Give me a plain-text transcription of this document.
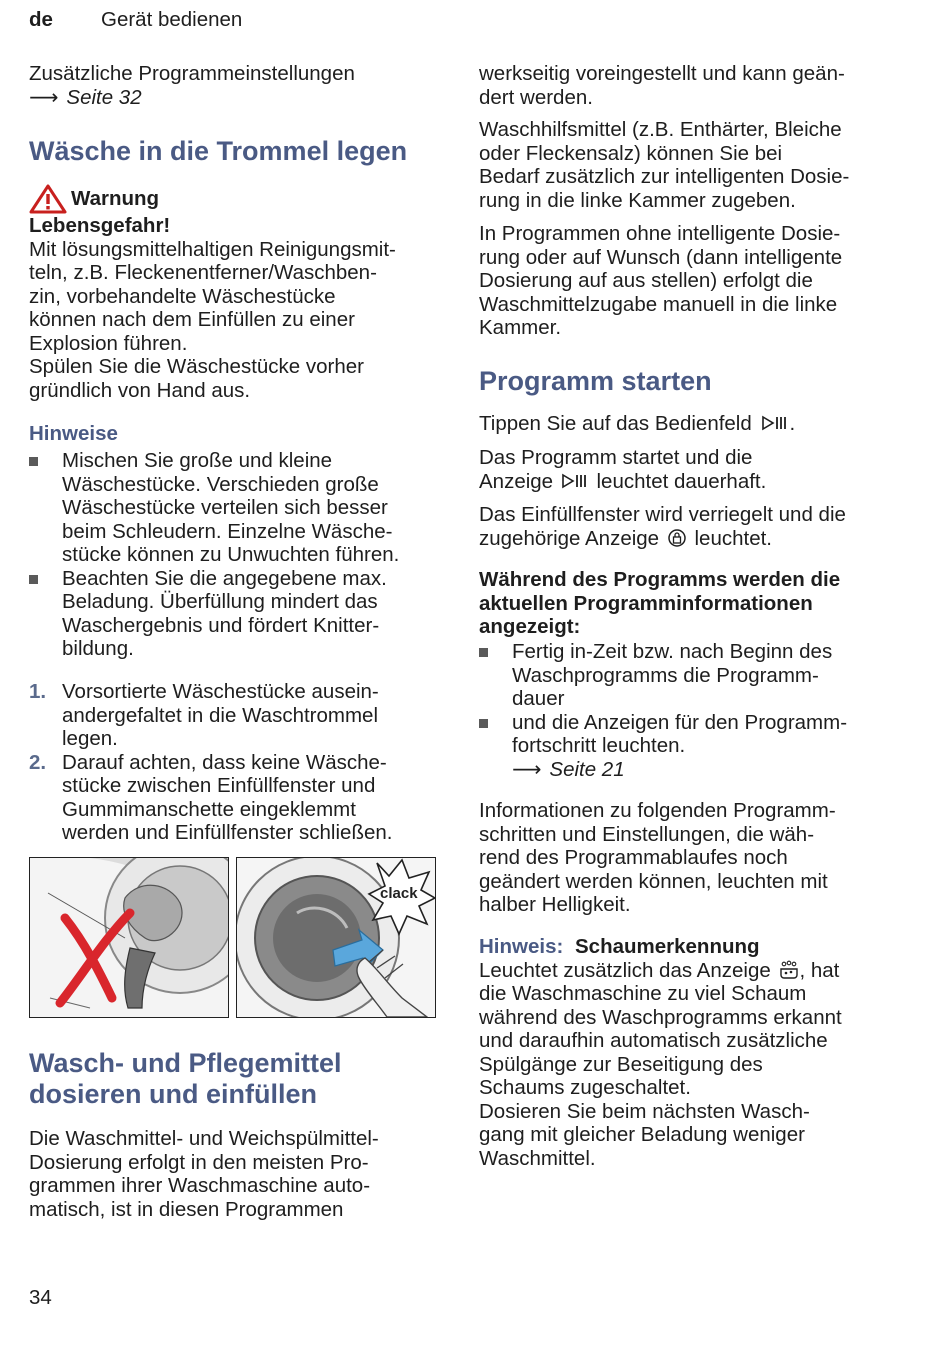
de Gerät bedienen
Zusätzliche Programmeinstellungen
⟶ Seite 32
Wäsche in die Trommel legen
Warnung
Lebensgefahr!
Mit lösungsmittelhaltigen Reinigungsmit-
teln, z.B. Fleckenentferner/Waschben-
zin, vorbehandelte Wäschestücke
können nach dem Einfüllen zu einer
Explosion führen.
Spülen Sie die Wäschestücke vorher
gründlich von Hand aus.
Hinweise
Mischen Sie große und kleine
Wäschestücke. Verschieden große
Wäschestücke verteilen sich besser
beim Schleudern. Einzelne Wäsche-
stücke können zu Unwuchten führen.
Beachten Sie die angegebene max.
Beladung. Überfüllung mindert das
Waschergebnis und fördert Knitter-
bildung.
1. Vorsortierte Wäschestücke ausein-
andergefaltet in die Waschtrommel
legen.
2. Darauf achten, dass keine Wäsche-
stücke zwischen Einfüllfenster und
Gummimanschette eingeklemmt
werden und Einfüllfenster schließen.
clack
Wasch- und Pflegemittel
dosieren und einfüllen
Die Waschmittel- und Weichspülmittel-
Dosierung erfolgt in den meisten Pro-
grammen ihrer Waschmaschine auto-
matisch, ist in diesen Programmen
werkseitig voreingestellt und kann geän-
dert werden.
Waschhilfsmittel (z.B. Enthärter, Bleiche
oder Fleckensalz) können Sie bei
Bedarf zusätzlich zur intelligenten Dosie-
rung in die linke Kammer zugeben.
In Programmen ohne intelligente Dosie-
rung oder auf Wunsch (dann intelligente
Dosierung auf aus stellen) erfolgt die
Waschmittelzugabe manuell in die linke
Kammer.
Programm starten
Tippen Sie auf das Bedienfeld .
Das Programm startet und die
Anzeige leuchtet dauerhaft.
Das Einfüllfenster wird verriegelt und die
zugehörige Anzeige leuchtet.
Während des Programms werden die
aktuellen Programminformationen
angezeigt:
Fertig in-Zeit bzw. nach Beginn des
Waschprogramms die Programm-
dauer
und die Anzeigen für den Programm-
fortschritt leuchten.
⟶ Seite 21
Informationen zu folgenden Programm-
schritten und Einstellungen, die wäh-
rend des Programmablaufes noch
geändert werden können, leuchten mit
halber Helligkeit.
Hinweis: Schaumerkennung
Leuchtet zusätzlich das Anzeige , hat
die Waschmaschine zu viel Schaum
während des Waschprogramms erkannt
und daraufhin automatisch zusätzliche
Spülgänge zur Beseitigung des
Schaums zugeschaltet.
Dosieren Sie beim nächsten Wasch-
gang mit gleicher Beladung weniger
Waschmittel.
34
